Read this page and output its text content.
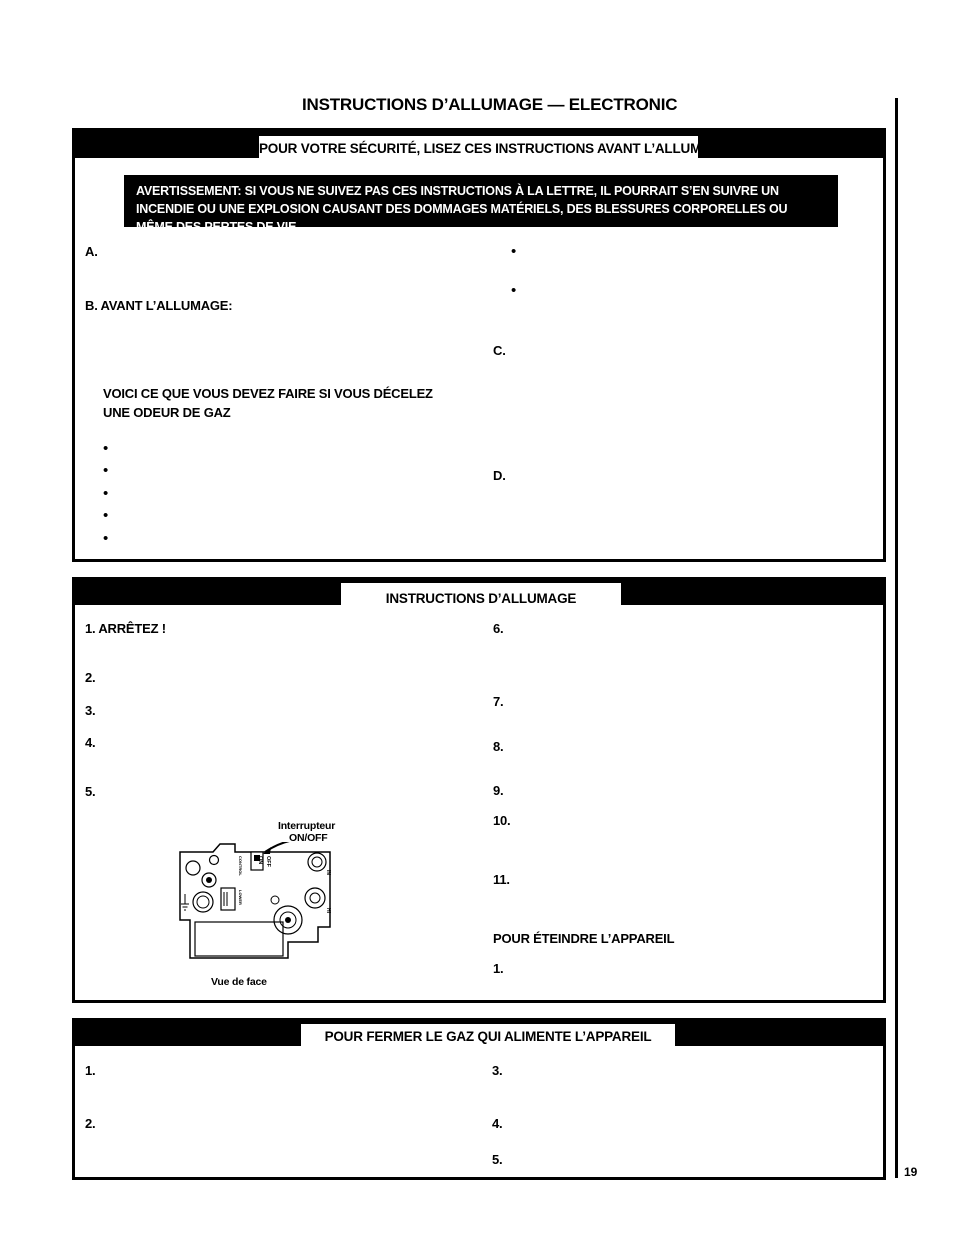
INSTRUCTIONS D’ALLUMAGE — ELECTRONIC
19
POUR VOTRE SÉCURITÉ, LISEZ CES INSTRUCTIONS AVANT L’ALLUMAGE
AVERTISSEMENT: SI VOUS NE SUIVEZ PAS CES INSTRUCTIONS À LA LETTRE, IL POURRAIT S’EN SUIVRE UN INCENDIE OU UNE EXPLOSION CAUSANT DES DOMMAGES MATÉRIELS, DES BLESSURES CORPORELLES OU MÊME DES PERTES DE VIE.
A.
B. AVANT L’ALLUMAGE:
VOICI CE QUE VOUS DEVEZ FAIRE SI VOUS DÉCELEZ UNE ODEUR DE GAZ
•
•
•
•
•
•
•
C.
D.
INSTRUCTIONS D’ALLUMAGE
1. ARRÊTEZ !
2.
3.
4.
5.
6.
7.
8.
9.
10.
11.
POUR ÉTEINDRE L’APPAREIL
1.
Interrupteur
ON/OFF
Vue de face
CONTROL	OFF
ON
LOWER
IN
HI
POUR FERMER LE GAZ QUI ALIMENTE L’APPAREIL
1.
2.
3.
4.
5.
